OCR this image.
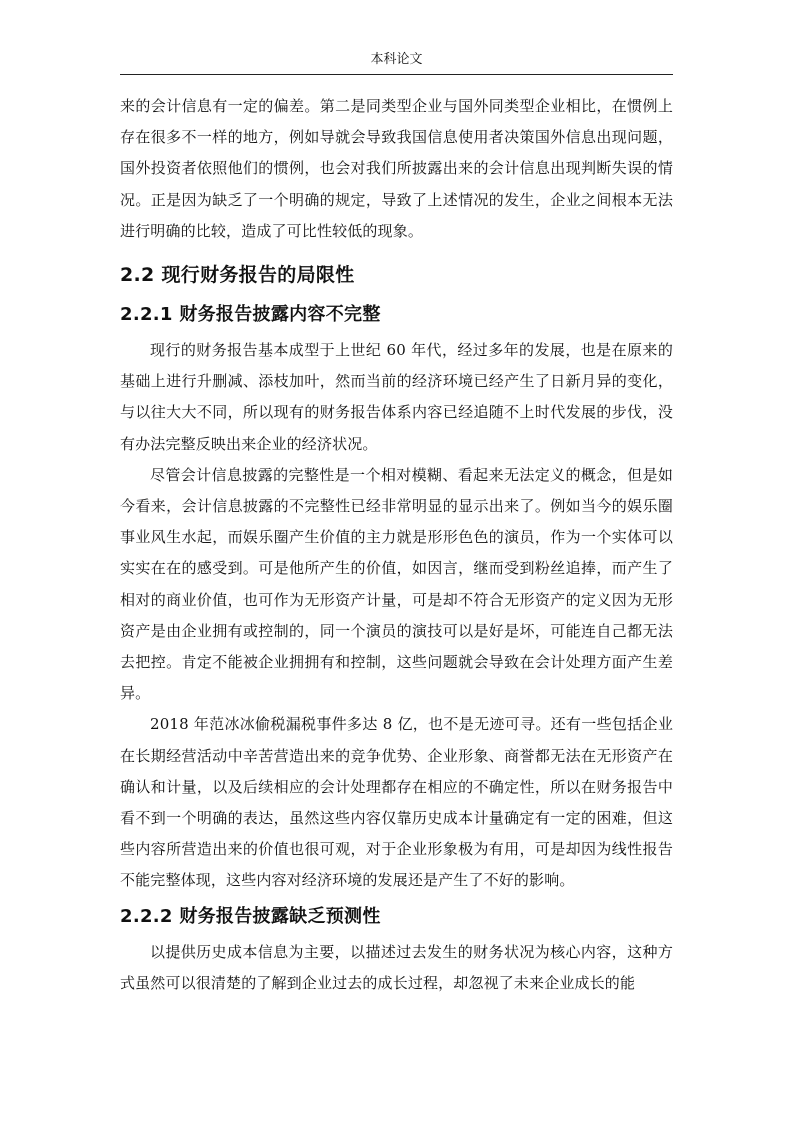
本科论文

来的会计信息有一定的偏差。第二是同类型企业与国外同类型企业相比，在惯例上存在很多不一样的地方，例如导就会导致我国信息使用者决策国外信息出现问题，国外投资者依照他们的惯例，也会对我们所披露出来的会计信息出现判断失误的情况。正是因为缺乏了一个明确的规定，导致了上述情况的发生，企业之间根本无法进行明确的比较，造成了可比性较低的现象。

2.2 现行财务报告的局限性
2.2.1 财务报告披露内容不完整

现行的财务报告基本成型于上世纪 60 年代，经过多年的发展，也是在原来的基础上进行升删减、添枝加叶，然而当前的经济环境已经产生了日新月异的变化，与以往大大不同，所以现有的财务报告体系内容已经追随不上时代发展的步伐，没有办法完整反映出来企业的经济状况。

尽管会计信息披露的完整性是一个相对模糊、看起来无法定义的概念，但是如今看来，会计信息披露的不完整性已经非常明显的显示出来了。例如当今的娱乐圈事业风生水起，而娱乐圈产生价值的主力就是形形色色的演员，作为一个实体可以实实在在的感受到。可是他所产生的价值，如因言，继而受到粉丝追捧，而产生了相对的商业价值，也可作为无形资产计量，可是却不符合无形资产的定义因为无形资产是由企业拥有或控制的，同一个演员的演技可以是好是坏，可能连自己都无法去把控。肯定不能被企业拥拥有和控制，这些问题就会导致在会计处理方面产生差异。

2018 年范冰冰偷税漏税事件多达 8 亿，也不是无迹可寻。还有一些包括企业在长期经营活动中辛苦营造出来的竞争优势、企业形象、商誉都无法在无形资产在确认和计量，以及后续相应的会计处理都存在相应的不确定性，所以在财务报告中看不到一个明确的表达，虽然这些内容仅靠历史成本计量确定有一定的困难，但这些内容所营造出来的价值也很可观，对于企业形象极为有用，可是却因为线性报告不能完整体现，这些内容对经济环境的发展还是产生了不好的影响。

2.2.2 财务报告披露缺乏预测性

以提供历史成本信息为主要，以描述过去发生的财务状况为核心内容，这种方式虽然可以很清楚的了解到企业过去的成长过程，却忽视了未来企业成长的能
